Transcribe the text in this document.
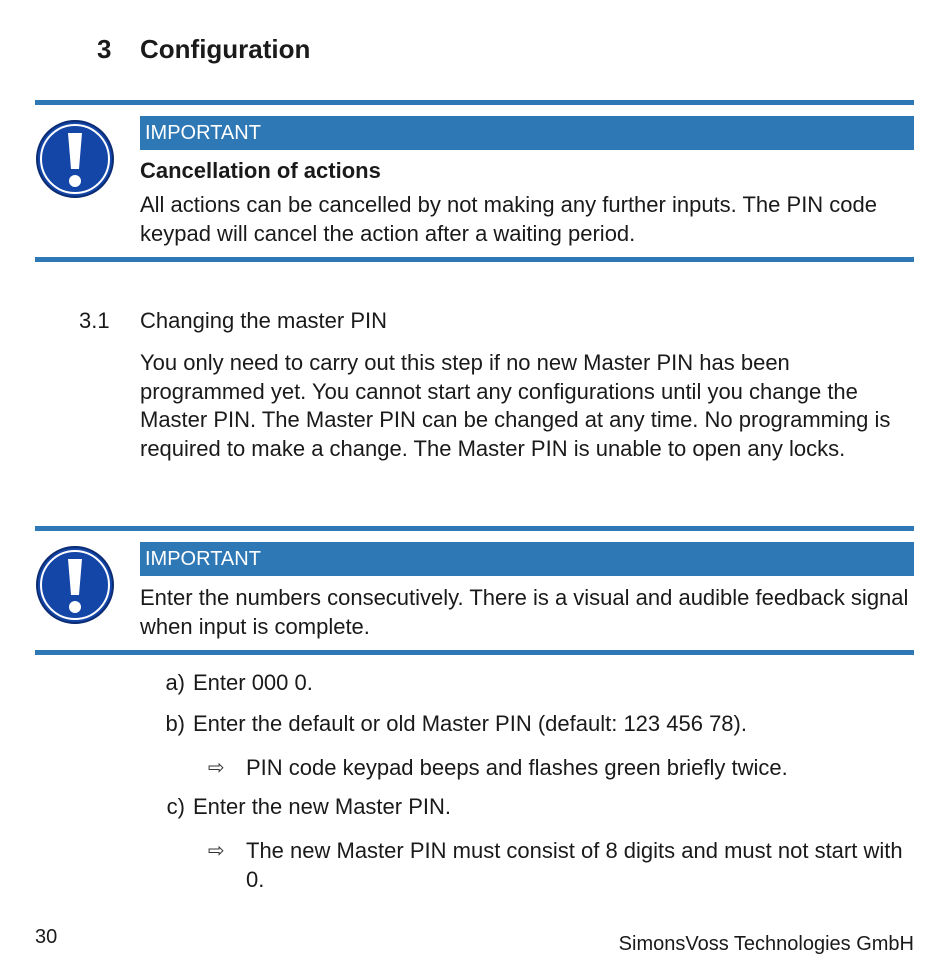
3 Configuration
IMPORTANT
Cancellation of actions

All actions can be cancelled by not making any further inputs. The PIN code keypad will cancel the action after a waiting period.

3.1 Changing the master PIN

You only need to carry out this step if no new Master PIN has been programmed yet. You cannot start any configurations until you change the Master PIN. The Master PIN can be changed at any time. No programming is required to make a change. The Master PIN is unable to open any locks.

IMPORTANT

Enter the numbers consecutively. There is a visual and audible feedback signal when input is complete.

a) Enter 000 0.
b) Enter the default or old Master PIN (default: 123 456 78).
⇨ PIN code keypad beeps and flashes green briefly twice.
c) Enter the new Master PIN.
⇨ The new Master PIN must consist of 8 digits and must not start with 0.
30	SimonsVoss Technologies GmbH
